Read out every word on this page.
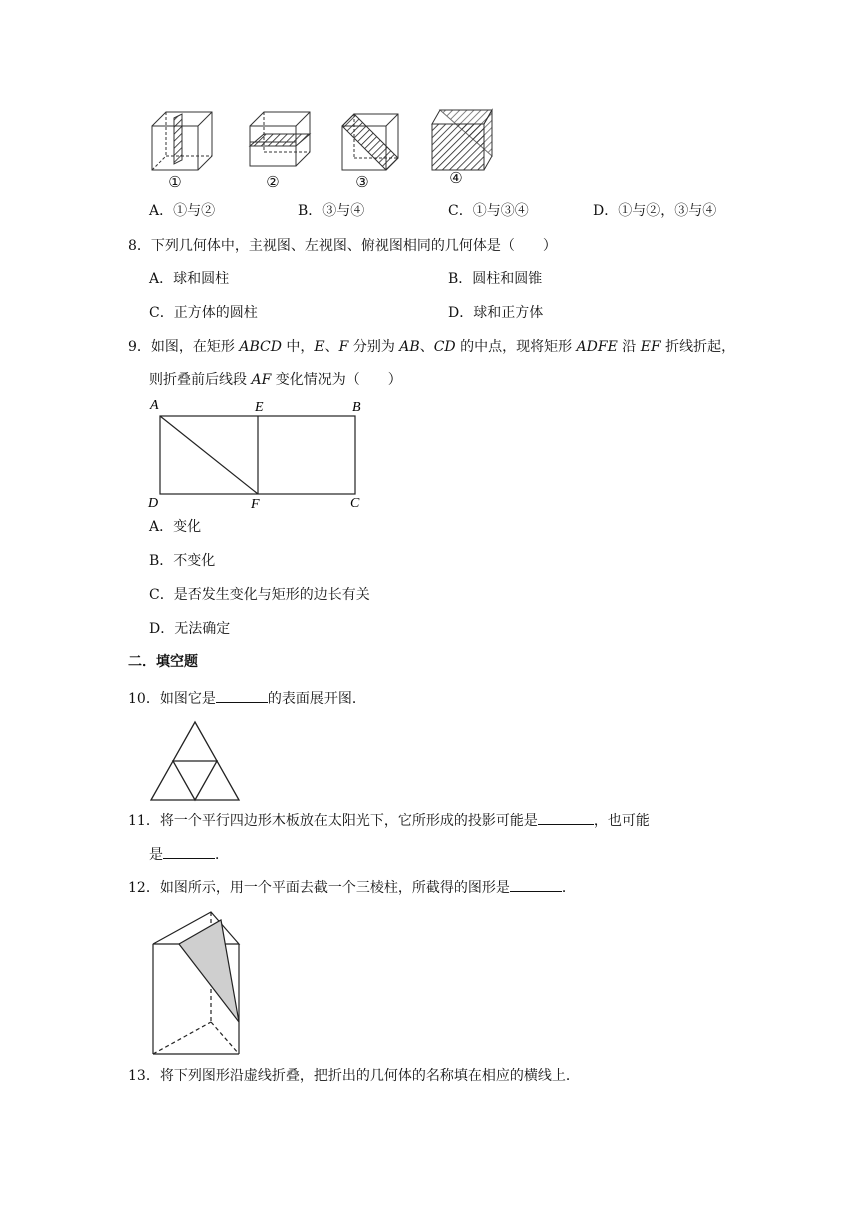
①	②	③	④
A．①与②	B．③与④	C．①与③④	D．①与②，③与④
8．下列几何体中，主视图、左视图、俯视图相同的几何体是（　　）
A．球和圆柱	B．圆柱和圆锥
C．正方体的圆柱	D．球和正方体
9．如图，在矩形 ABCD 中，E、F 分别为 AB、CD 的中点，现将矩形 ADFE 沿 EF 折线折起，
则折叠前后线段 AF 变化情况为（　　）
A	E	B
D	F	C
A．变化
B．不变化
C．是否发生变化与矩形的边长有关
D．无法确定
二．填空题
10．如图它是	的表面展开图．
11．将一个平行四边形木板放在太阳光下，它所形成的投影可能是	，也可能
是	．
12．如图所示，用一个平面去截一个三棱柱，所截得的图形是	．
13．将下列图形沿虚线折叠，把折出的几何体的名称填在相应的横线上．
